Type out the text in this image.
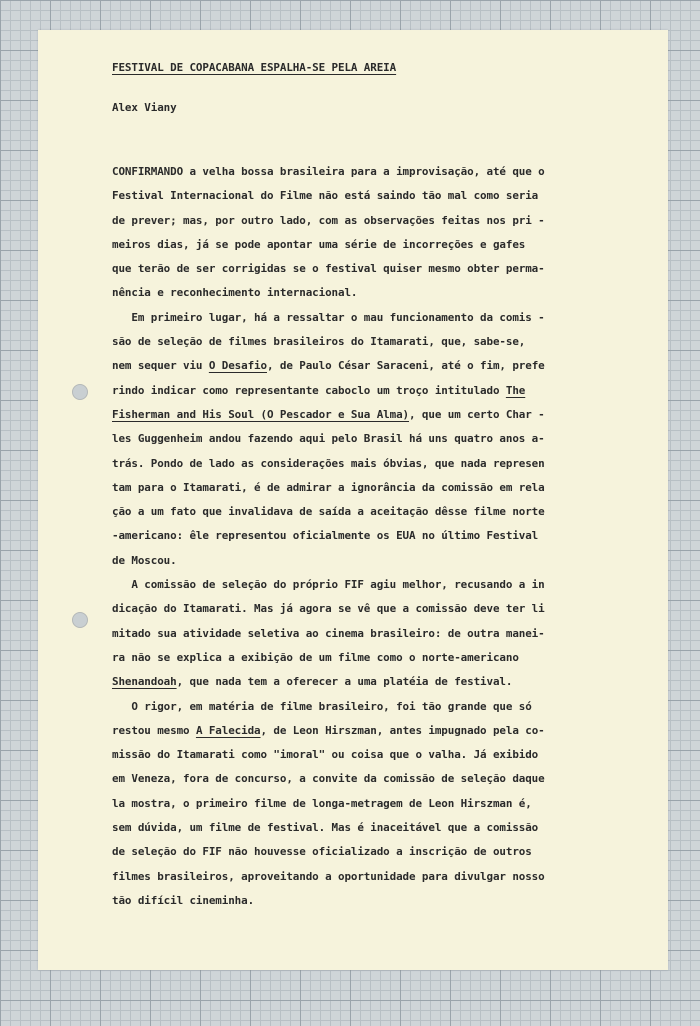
FESTIVAL DE COPACABANA ESPALHA-SE PELA AREIA
Alex Viany
CONFIRMANDO a velha bossa brasileira para a improvisação, até que o
Festival Internacional do Filme não está saindo tão mal como seria
de prever; mas, por outro lado, com as observações feitas nos pri -
meiros dias, já se pode apontar uma série de incorreções e gafes
que terão de ser corrigidas se o festival quiser mesmo obter perma-
nência e reconhecimento internacional.
Em primeiro lugar, há a ressaltar o mau funcionamento da comis -
são de seleção de filmes brasileiros do Itamarati, que, sabe-se,
nem sequer viu O Desafio, de Paulo César Saraceni, até o fim, prefe
rindo indicar como representante caboclo um troço intitulado The
Fisherman and His Soul (O Pescador e Sua Alma), que um certo Char -
les Guggenheim andou fazendo aqui pelo Brasil há uns quatro anos a-
trás. Pondo de lado as considerações mais óbvias, que nada represen
tam para o Itamarati, é de admirar a ignorância da comissão em rela
ção a um fato que invalidava de saída a aceitação dêsse filme norte
-americano: êle representou oficialmente os EUA no último Festival
de Moscou.
A comissão de seleção do próprio FIF agiu melhor, recusando a in
dicação do Itamarati. Mas já agora se vê que a comissão deve ter li
mitado sua atividade seletiva ao cinema brasileiro: de outra manei-
ra não se explica a exibição de um filme como o norte-americano
Shenandoah, que nada tem a oferecer a uma platéia de festival.
O rigor, em matéria de filme brasileiro, foi tão grande que só
restou mesmo A Falecida, de Leon Hirszman, antes impugnado pela co-
missão do Itamarati como "imoral" ou coisa que o valha. Já exibido
em Veneza, fora de concurso, a convite da comissão de seleção daque
la mostra, o primeiro filme de longa-metragem de Leon Hirszman é,
sem dúvida, um filme de festival. Mas é inaceitável que a comissão
de seleção do FIF não houvesse oficializado a inscrição de outros
filmes brasileiros, aproveitando a oportunidade para divulgar nosso
tão difícil cineminha.
